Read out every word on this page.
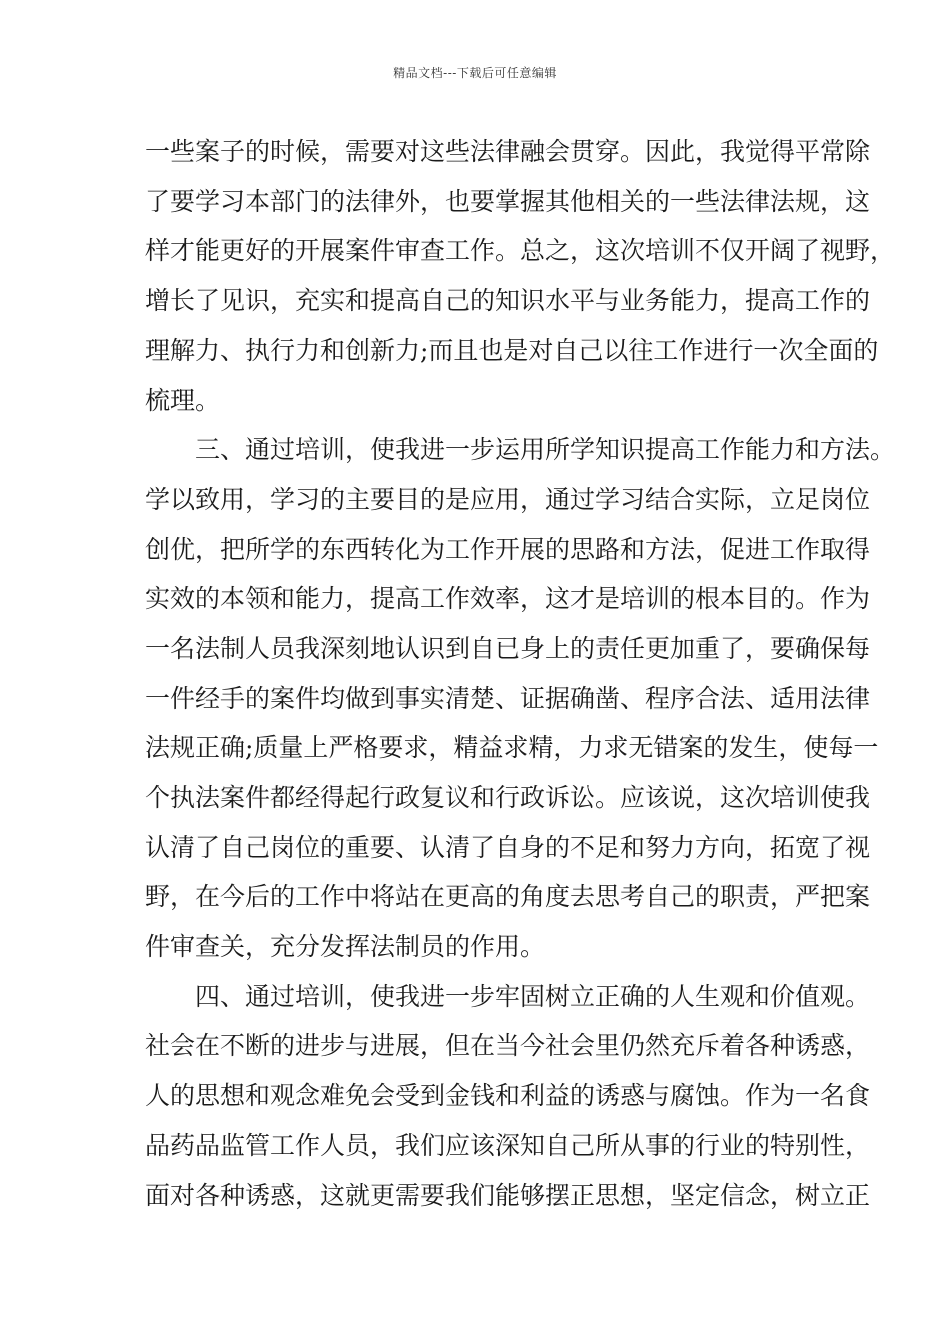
精品文档---下载后可任意编辑
一些案子的时候，需要对这些法律融会贯穿。因此，我觉得平常除
了要学习本部门的法律外，也要掌握其他相关的一些法律法规，这
样才能更好的开展案件审查工作。总之，这次培训不仅开阔了视野，
增长了见识，充实和提高自己的知识水平与业务能力，提高工作的
理解力、执行力和创新力;而且也是对自己以往工作进行一次全面的
梳理。
　　三、通过培训，使我进一步运用所学知识提高工作能力和方法。
学以致用，学习的主要目的是应用，通过学习结合实际，立足岗位
创优，把所学的东西转化为工作开展的思路和方法，促进工作取得
实效的本领和能力，提高工作效率，这才是培训的根本目的。作为
一名法制人员我深刻地认识到自已身上的责任更加重了，要确保每
一件经手的案件均做到事实清楚、证据确凿、程序合法、适用法律
法规正确;质量上严格要求，精益求精，力求无错案的发生，使每一
个执法案件都经得起行政复议和行政诉讼。应该说，这次培训使我
认清了自己岗位的重要、认清了自身的不足和努力方向，拓宽了视
野，在今后的工作中将站在更高的角度去思考自己的职责，严把案
件审查关，充分发挥法制员的作用。
　　四、通过培训，使我进一步牢固树立正确的人生观和价值观。
社会在不断的进步与进展，但在当今社会里仍然充斥着各种诱惑，
人的思想和观念难免会受到金钱和利益的诱惑与腐蚀。作为一名食
品药品监管工作人员，我们应该深知自己所从事的行业的特别性，
面对各种诱惑，这就更需要我们能够摆正思想，坚定信念，树立正
